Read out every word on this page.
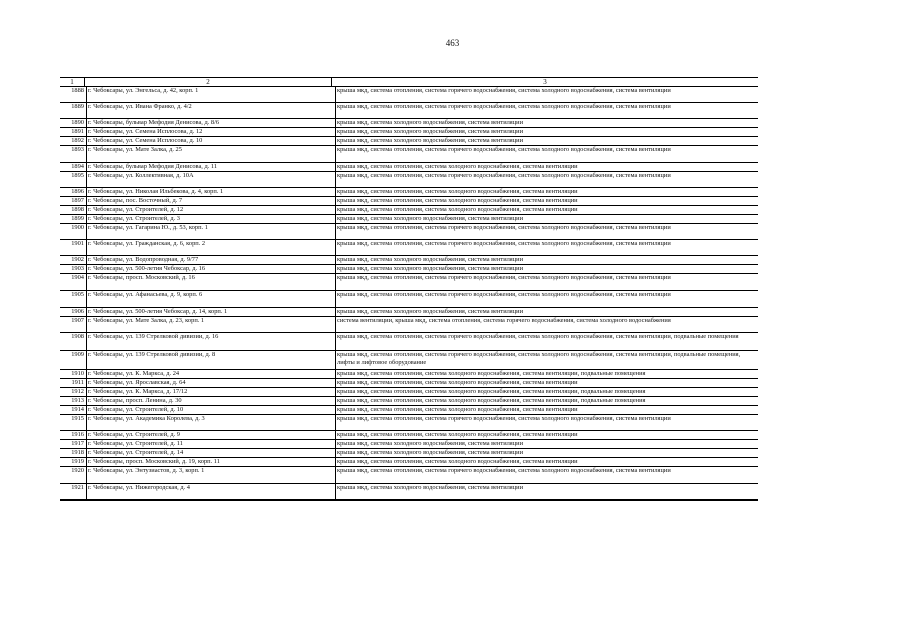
463
1	2	3
1888 г. Чебоксары, ул. Энгельса, д. 42, корп. 1	крыша мкд, система отопления, система горячего водоснабжения, система холодного водоснабжения, система вентиляции
1889 г. Чебоксары, ул. Ивана Франко, д. 4/2	крыша мкд, система отопления, система горячего водоснабжения, система холодного водоснабжения, система вентиляции
1890 г. Чебоксары, бульвар Мефодия Денисова, д. 8/6	крыша мкд, система холодного водоснабжения, система вентиляции
1891 г. Чебоксары, ул. Семена Исплосова, д. 12	крыша мкд, система холодного водоснабжения, система вентиляции
1892 г. Чебоксары, ул. Семена Исплосова, д. 10	крыша мкд, система холодного водоснабжения, система вентиляции
1893 г. Чебоксары, ул. Мате Залка, д. 25	крыша мкд, система отопления, система горячего водоснабжения, система холодного водоснабжения, система вентиляции
1894 г. Чебоксары, бульвар Мефодия Денисова, д. 11	крыша мкд, система отопления, система холодного водоснабжения, система вентиляции
1895 г. Чебоксары, ул. Коллективная, д. 10А	крыша мкд, система отопления, система горячего водоснабжения, система холодного водоснабжения, система вентиляции
1896 г. Чебоксары, ул. Николая Ильбекова, д. 4, корп. 1	крыша мкд, система отопления, система холодного водоснабжения, система вентиляции
1897 г. Чебоксары, пос. Восточный, д. 7	крыша мкд, система отопления, система холодного водоснабжения, система вентиляции
1898 г. Чебоксары, ул. Строителей, д. 12	крыша мкд, система отопления, система холодного водоснабжения, система вентиляции
1899 г. Чебоксары, ул. Строителей, д. 3	крыша мкд, система холодного водоснабжения, система вентиляции
1900 г. Чебоксары, ул. Гагарина Ю., д. 53, корп. 1	крыша мкд, система отопления, система горячего водоснабжения, система холодного водоснабжения, система вентиляции
1901 г. Чебоксары, ул. Гражданская, д. 6, корп. 2	крыша мкд, система отопления, система горячего водоснабжения, система холодного водоснабжения, система вентиляции
1902 г. Чебоксары, ул. Водопроводная, д. 9/77	крыша мкд, система холодного водоснабжения, система вентиляции
1903 г. Чебоксары, ул. 500-летия Чебоксар, д. 16	крыша мкд, система холодного водоснабжения, система вентиляции
1904 г. Чебоксары, просп. Московский, д. 16	крыша мкд, система отопления, система горячего водоснабжения, система холодного водоснабжения, система вентиляции
1905 г. Чебоксары, ул. Афанасьева, д. 9, корп. 6	крыша мкд, система отопления, система горячего водоснабжения, система холодного водоснабжения, система вентиляции
1906 г. Чебоксары, ул. 500-летия Чебоксар, д. 14, корп. 1	крыша мкд, система холодного водоснабжения, система вентиляции
1907 г. Чебоксары, ул. Мате Залка, д. 23, корп. 1	система вентиляции, крыша мкд, система отопления, система горячего водоснабжения, система холодного водоснабжения
1908 г. Чебоксары, ул. 139 Стрелковой дивизии, д. 16	крыша мкд, система отопления, система горячего водоснабжения, система холодного водоснабжения, система вентиляции, подвальные помещения
1909 г. Чебоксары, ул. 139 Стрелковой дивизии, д. 8	крыша мкд, система отопления, система горячего водоснабжения, система холодного водоснабжения, система вентиляции, подвальные помещения, лифты и лифтовое оборудование
1910 г. Чебоксары, ул. К. Маркса, д. 24	крыша мкд, система отопления, система холодного водоснабжения, система вентиляции, подвальные помещения
1911 г. Чебоксары, ул. Ярославская, д. 64	крыша мкд, система отопления, система холодного водоснабжения, система вентиляции
1912 г. Чебоксары, ул. К. Маркса, д. 17/12	крыша мкд, система отопления, система холодного водоснабжения, система вентиляции, подвальные помещения
1913 г. Чебоксары, просп. Ленина, д. 30	крыша мкд, система отопления, система холодного водоснабжения, система вентиляции, подвальные помещения
1914 г. Чебоксары, ул. Строителей, д. 10	крыша мкд, система отопления, система холодного водоснабжения, система вентиляции
1915 г. Чебоксары, ул. Академика Королева, д. 3	крыша мкд, система отопления, система горячего водоснабжения, система холодного водоснабжения, система вентиляции
1916 г. Чебоксары, ул. Строителей, д. 9	крыша мкд, система отопления, система холодного водоснабжения, система вентиляции
1917 г. Чебоксары, ул. Строителей, д. 11	крыша мкд, система холодного водоснабжения, система вентиляции
1918 г. Чебоксары, ул. Строителей, д. 14	крыша мкд, система холодного водоснабжения, система вентиляции
1919 г. Чебоксары, просп. Московский, д. 19, корп. 11	крыша мкд, система отопления, система холодного водоснабжения, система вентиляции
1920 г. Чебоксары, ул. Энтузиастов, д. 3, корп. 1	крыша мкд, система отопления, система горячего водоснабжения, система холодного водоснабжения, система вентиляции
1921 г. Чебоксары, ул. Нижегородская, д. 4	крыша мкд, система холодного водоснабжения, система вентиляции
